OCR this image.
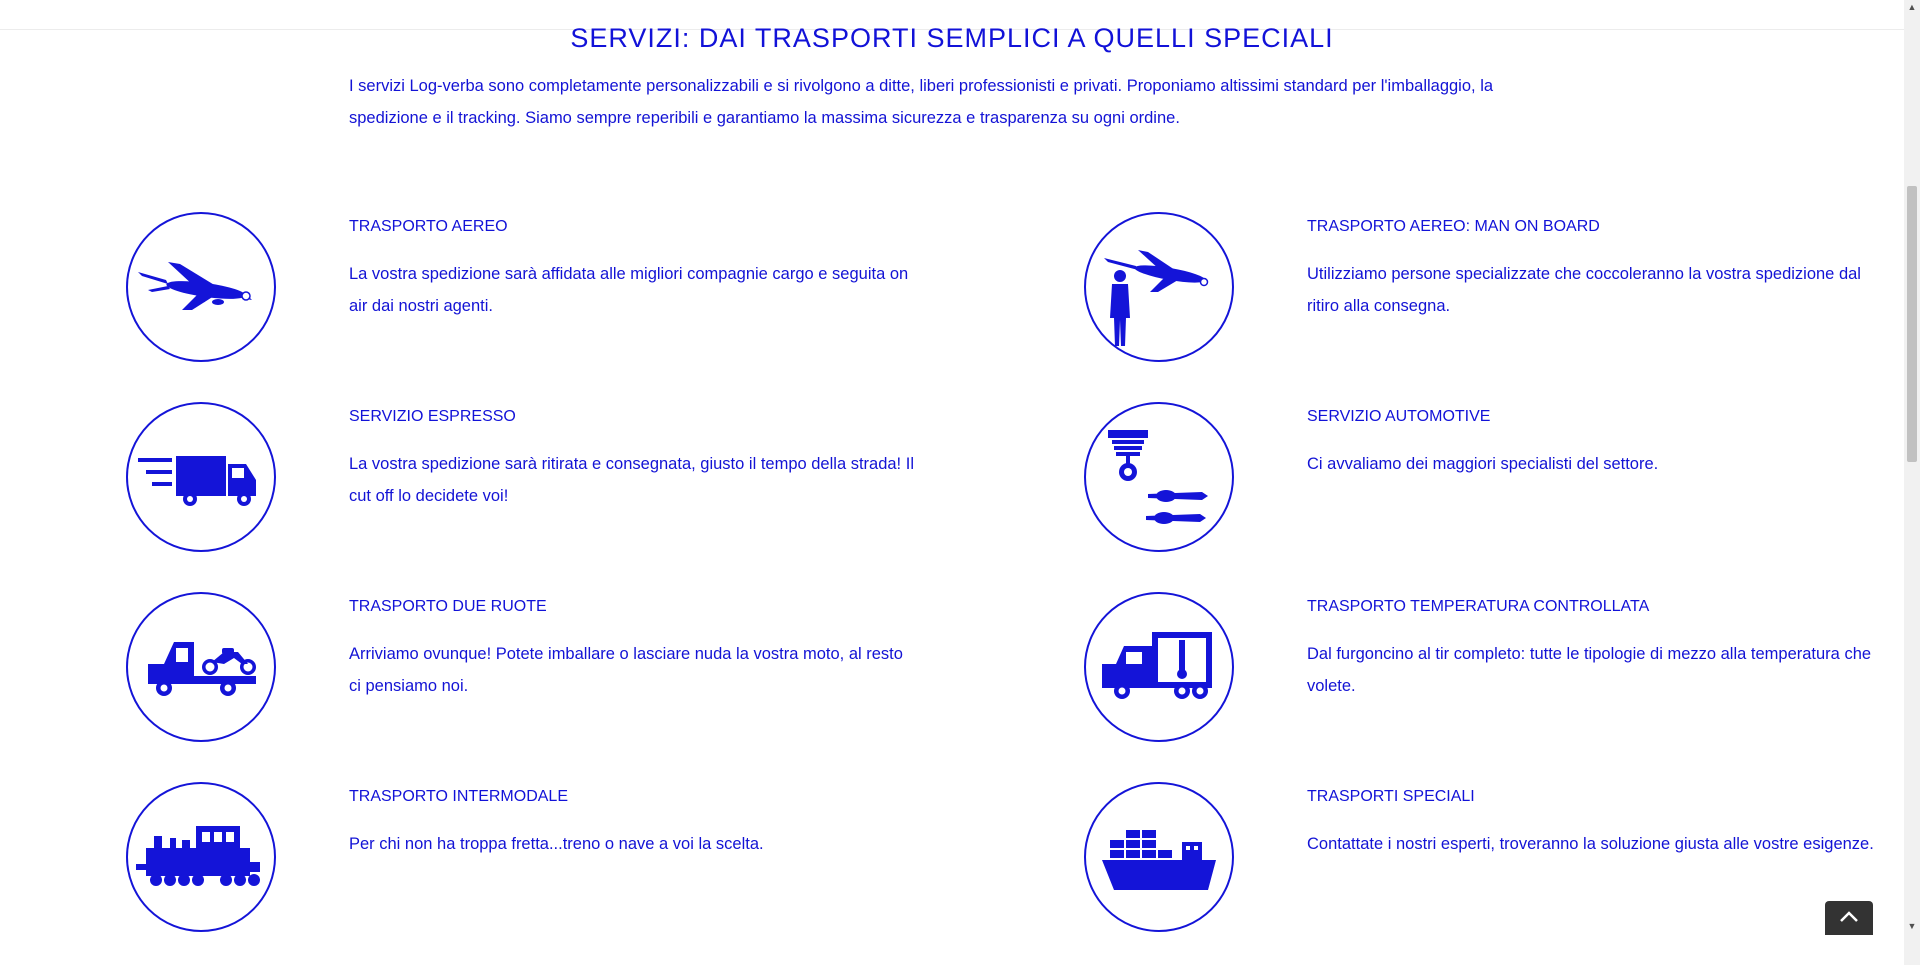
SERVIZI: DAI TRASPORTI SEMPLICI A QUELLI SPECIALI

I servizi Log-verba sono completamente personalizzabili e si rivolgono a ditte, liberi professionisti e privati. Proponiamo altissimi standard per l'imballaggio, la spedizione e il tracking. Siamo sempre reperibili e garantiamo la massima sicurezza e trasparenza su ogni ordine.

TRASPORTO AEREO

La vostra spedizione sarà affidata alle migliori compagnie cargo e seguita on air dai nostri agenti.

TRASPORTO AEREO: MAN ON BOARD

Utilizziamo persone specializzate che coccoleranno la vostra spedizione dal ritiro alla consegna.

SERVIZIO ESPRESSO

La vostra spedizione sarà ritirata e consegnata, giusto il tempo della strada! Il cut off lo decidete voi!

SERVIZIO AUTOMOTIVE

Ci avvaliamo dei maggiori specialisti del settore.

TRASPORTO DUE RUOTE

Arriviamo ovunque! Potete imballare o lasciare nuda la vostra moto, al resto ci pensiamo noi.

TRASPORTO TEMPERATURA CONTROLLATA

Dal furgoncino al tir completo: tutte le tipologie di mezzo alla temperatura che volete.

TRASPORTO INTERMODALE

Per chi non ha troppa fretta...treno o nave a voi la scelta.

TRASPORTI SPECIALI

Contattate i nostri esperti, troveranno la soluzione giusta alle vostre esigenze.

▲
▼
